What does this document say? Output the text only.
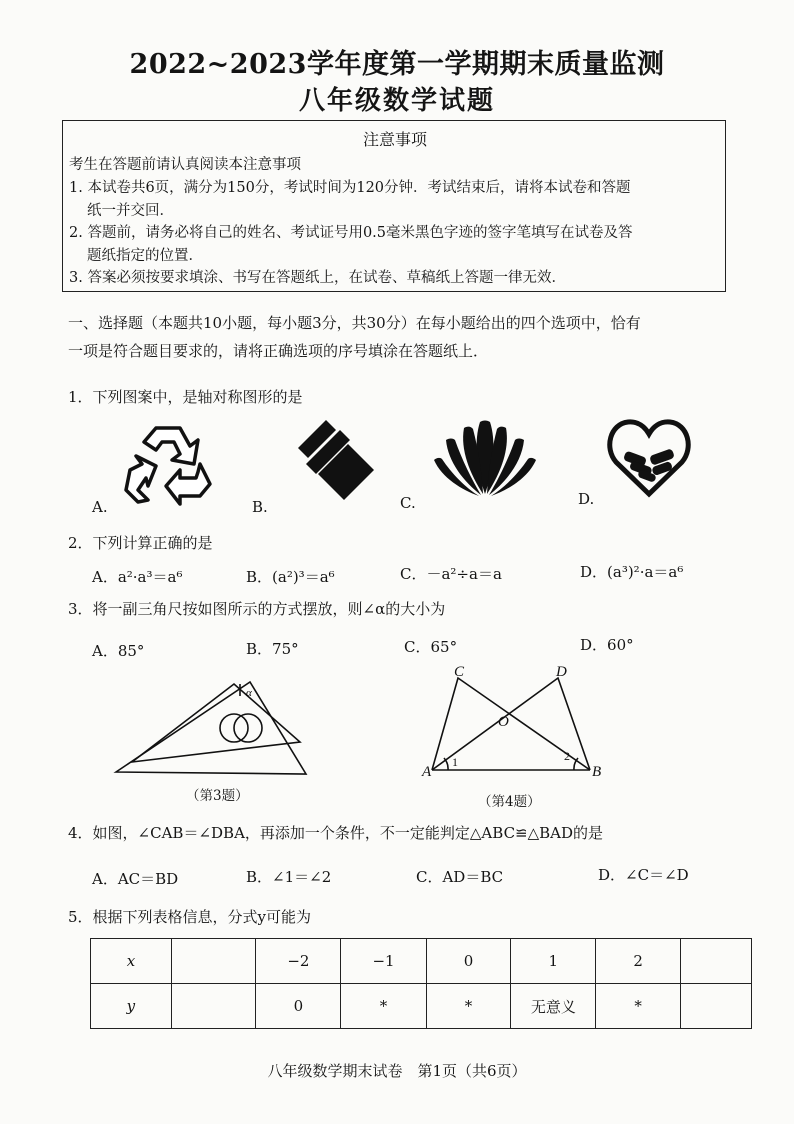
2022~2023学年度第一学期期末质量监测
八年级数学试题
注意事项
考生在答题前请认真阅读本注意事项
1. 本试卷共6页，满分为150分，考试时间为120分钟．考试结束后，请将本试卷和答题
纸一并交回．
2. 答题前，请务必将自己的姓名、考试证号用0.5毫米黑色字迹的签字笔填写在试卷及答
题纸指定的位置．
3. 答案必须按要求填涂、书写在答题纸上，在试卷、草稿纸上答题一律无效．
一、选择题（本题共10小题，每小题3分，共30分）在每小题给出的四个选项中，恰有
一项是符合题目要求的，请将正确选项的序号填涂在答题纸上．
1．下列图案中，是轴对称图形的是
A.	B.	C.	D.
2．下列计算正确的是
A．a²·a³＝a⁶	B．(a²)³＝a⁶	C．－a²÷a＝a	D．(a³)²·a＝a⁶
3．将一副三角尺按如图所示的方式摆放，则∠α的大小为
A．85°	B．75°	C．65°	D．60°
α
（第3题）
C	D
A	B
O
1	2
（第4题）
4．如图，∠CAB＝∠DBA，再添加一个条件，不一定能判定△ABC≌△BAD的是
A．AC＝BD	B．∠1＝∠2	C．AD＝BC	D．∠C＝∠D
5．根据下列表格信息，分式y可能为
x		−2	−1	0	1	2	
y		0	*	*	无意义	*	
八年级数学期末试卷　第1页（共6页）
